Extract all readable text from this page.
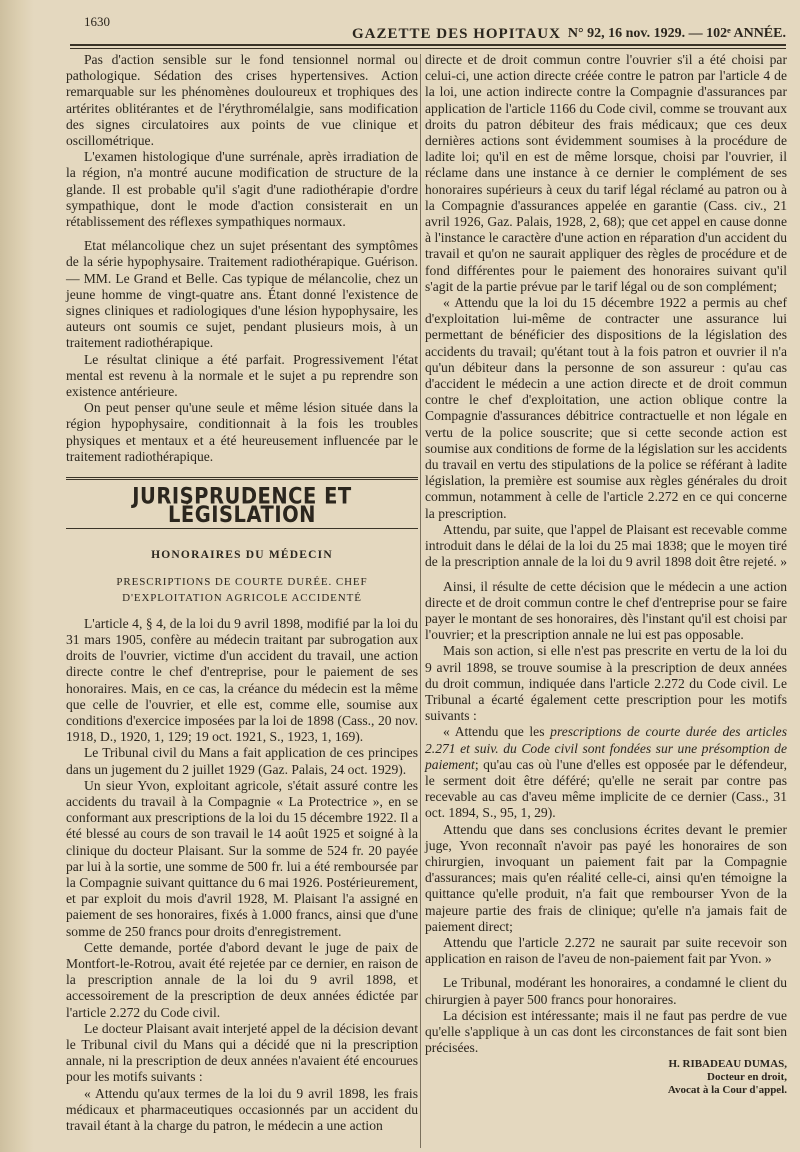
1630
GAZETTE DES HOPITAUX N° 92, 16 nov. 1929. — 102ᵉ ANNÉE.

Pas d'action sensible sur le fond tensionnel normal ou pathologique. Sédation des crises hypertensives. Action remarquable sur les phénomènes douloureux et trophiques des artérites oblitérantes et de l'érythromélalgie, sans modification des signes circulatoires aux points de vue clinique et oscillométrique.

L'examen histologique d'une surrénale, après irradiation de la région, n'a montré aucune modification de structure de la glande. Il est probable qu'il s'agit d'une radiothérapie d'ordre sympathique, dont le mode d'action consisterait en un rétablissement des réflexes sympathiques normaux.

Etat mélancolique chez un sujet présentant des symptômes de la série hypophysaire. Traitement radiothérapique. Guérison. — MM. Le Grand et Belle. Cas typique de mélancolie, chez un jeune homme de vingt-quatre ans. Étant donné l'existence de signes cliniques et radiologiques d'une lésion hypophysaire, les auteurs ont soumis ce sujet, pendant plusieurs mois, à un traitement radiothérapique.

Le résultat clinique a été parfait. Progressivement l'état mental est revenu à la normale et le sujet a pu reprendre son existence antérieure.

On peut penser qu'une seule et même lésion située dans la région hypophysaire, conditionnait à la fois les troubles physiques et mentaux et a été heureusement influencée par le traitement radiothérapique.

JURISPRUDENCE ET LÉGISLATION
HONORAIRES DU MÉDECIN
PRESCRIPTIONS DE COURTE DURÉE. CHEF D'EXPLOITATION AGRICOLE ACCIDENTÉ

L'article 4, § 4, de la loi du 9 avril 1898, modifié par la loi du 31 mars 1905, confère au médecin traitant par subrogation aux droits de l'ouvrier, victime d'un accident du travail, une action directe contre le chef d'entreprise, pour le paiement de ses honoraires. Mais, en ce cas, la créance du médecin est la même que celle de l'ouvrier, et elle est, comme elle, soumise aux conditions d'exercice imposées par la loi de 1898 (Cass., 20 nov. 1918, D., 1920, 1, 129; 19 oct. 1921, S., 1923, 1, 169).

Le Tribunal civil du Mans a fait application de ces principes dans un jugement du 2 juillet 1929 (Gaz. Palais, 24 oct. 1929).

Un sieur Yvon, exploitant agricole, s'était assuré contre les accidents du travail à la Compagnie « La Protectrice », en se conformant aux prescriptions de la loi du 15 décembre 1922. Il a été blessé au cours de son travail le 14 août 1925 et soigné à la clinique du docteur Plaisant. Sur la somme de 524 fr. 20 payée par lui à la sortie, une somme de 500 fr. lui a été remboursée par la Compagnie suivant quittance du 6 mai 1926. Postérieurement, et par exploit du mois d'avril 1928, M. Plaisant l'a assigné en paiement de ses honoraires, fixés à 1.000 francs, ainsi que d'une somme de 250 francs pour droits d'enregistrement.

Cette demande, portée d'abord devant le juge de paix de Montfort-le-Rotrou, avait été rejetée par ce dernier, en raison de la prescription annale de la loi du 9 avril 1898, et accessoirement de la prescription de deux années édictée par l'article 2.272 du Code civil.

Le docteur Plaisant avait interjeté appel de la décision devant le Tribunal civil du Mans qui a décidé que ni la prescription annale, ni la prescription de deux années n'avaient été encourues pour les motifs suivants :

« Attendu qu'aux termes de la loi du 9 avril 1898, les frais médicaux et pharmaceutiques occasionnés par un accident du travail étant à la charge du patron, le médecin a une action

directe et de droit commun contre l'ouvrier s'il a été choisi par celui-ci, une action directe créée contre le patron par l'article 4 de la loi, une action indirecte contre la Compagnie d'assurances par application de l'article 1166 du Code civil, comme se trouvant aux droits du patron débiteur des frais médicaux; que ces deux dernières actions sont évidemment soumises à la procédure de ladite loi; qu'il en est de même lorsque, choisi par l'ouvrier, il réclame dans une instance à ce dernier le complément de ses honoraires supérieurs à ceux du tarif légal réclamé au patron ou à la Compagnie d'assurances appelée en garantie (Cass. civ., 21 avril 1926, Gaz. Palais, 1928, 2, 68); que cet appel en cause donne à l'instance le caractère d'une action en réparation d'un accident du travail et qu'on ne saurait appliquer des règles de procédure et de fond différentes pour le paiement des honoraires suivant qu'il s'agit de la partie prévue par le tarif légal ou de son complément;

« Attendu que la loi du 15 décembre 1922 a permis au chef d'exploitation lui-même de contracter une assurance lui permettant de bénéficier des dispositions de la législation des accidents du travail; qu'étant tout à la fois patron et ouvrier il n'a qu'un débiteur dans la personne de son assureur : qu'au cas d'accident le médecin a une action directe et de droit commun contre le chef d'exploitation, une action oblique contre la Compagnie d'assurances débitrice contractuelle et non légale en vertu de la police souscrite; que si cette seconde action est soumise aux conditions de forme de la législation sur les accidents du travail en vertu des stipulations de la police se référant à ladite législation, la première est soumise aux règles générales du droit commun, notamment à celle de l'article 2.272 en ce qui concerne la prescription.

Attendu, par suite, que l'appel de Plaisant est recevable comme introduit dans le délai de la loi du 25 mai 1838; que le moyen tiré de la prescription annale de la loi du 9 avril 1898 doit être rejeté. »

Ainsi, il résulte de cette décision que le médecin a une action directe et de droit commun contre le chef d'entreprise pour se faire payer le montant de ses honoraires, dès l'instant qu'il est choisi par l'ouvrier; et la prescription annale ne lui est pas opposable.

Mais son action, si elle n'est pas prescrite en vertu de la loi du 9 avril 1898, se trouve soumise à la prescription de deux années du droit commun, indiquée dans l'article 2.272 du Code civil. Le Tribunal a écarté également cette prescription pour les motifs suivants :

« Attendu que les prescriptions de courte durée des articles 2.271 et suiv. du Code civil sont fondées sur une présomption de paiement; qu'au cas où l'une d'elles est opposée par le défendeur, le serment doit être déféré; qu'elle ne serait par contre pas recevable au cas d'aveu même implicite de ce dernier (Cass., 31 oct. 1894, S., 95, 1, 29).

Attendu que dans ses conclusions écrites devant le premier juge, Yvon reconnaît n'avoir pas payé les honoraires de son chirurgien, invoquant un paiement fait par la Compagnie d'assurances; mais qu'en réalité celle-ci, ainsi qu'en témoigne la quittance qu'elle produit, n'a fait que rembourser Yvon de la majeure partie des frais de clinique; qu'elle n'a jamais fait de paiement direct;

Attendu que l'article 2.272 ne saurait par suite recevoir son application en raison de l'aveu de non-paiement fait par Yvon. »

Le Tribunal, modérant les honoraires, a condamné le client du chirurgien à payer 500 francs pour honoraires.

La décision est intéressante; mais il ne faut pas perdre de vue qu'elle s'applique à un cas dont les circonstances de fait sont bien précisées.

H. RIBADEAU DUMAS,
Docteur en droit,
Avocat à la Cour d'appel.
